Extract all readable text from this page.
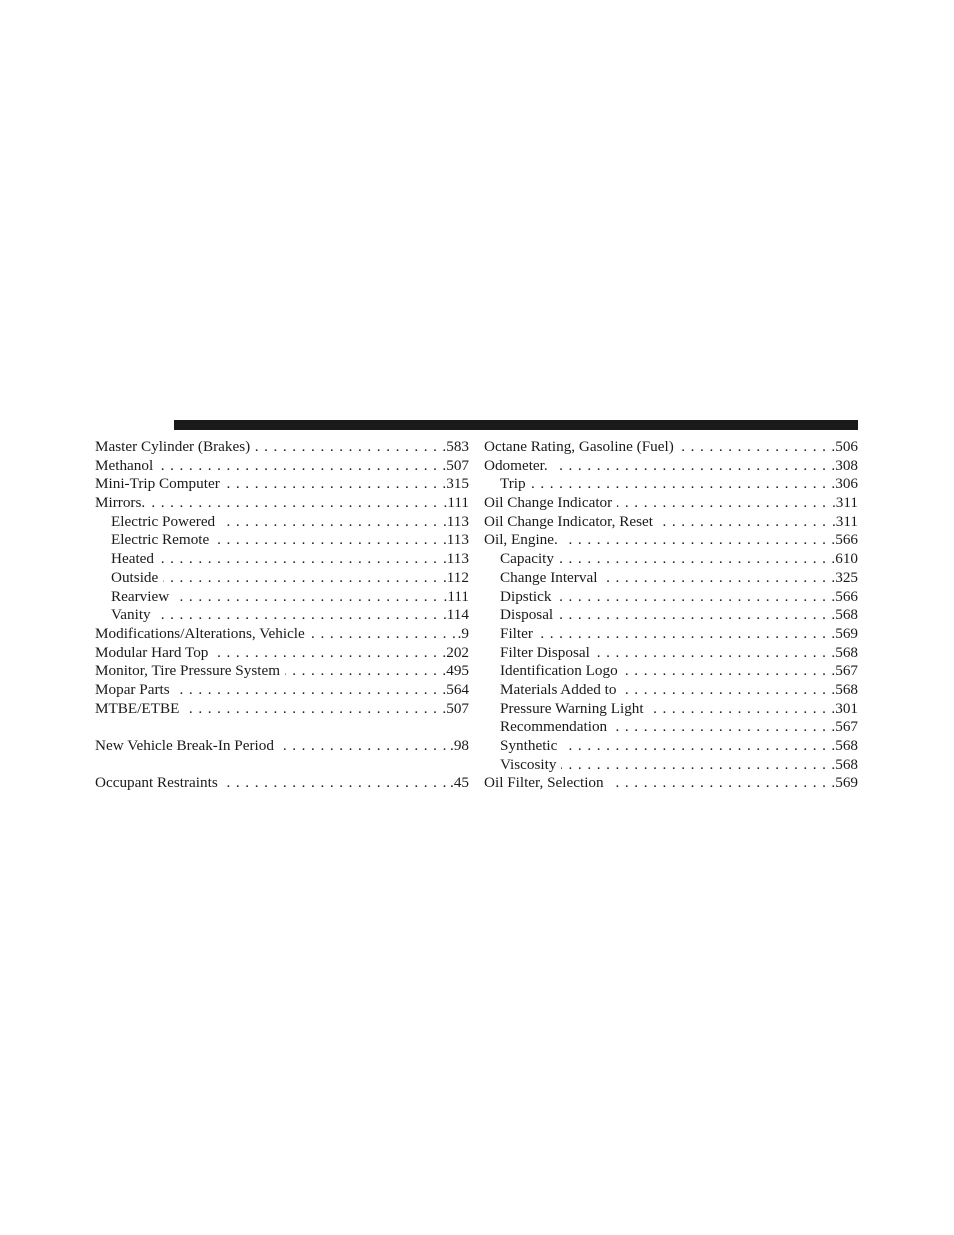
Master Cylinder (Brakes)	.583
. . .
Methanol	.507
. . .
Mini-Trip Computer	.315
. . .
Mirrors.	.111
. . .
Electric Powered	.113
. . .
Electric Remote	.113
. . .
Heated	.113
. . .
Outside	.112
. . .
Rearview	.111
. . .
Vanity	.114
. . .
Modifications/Alterations, Vehicle	.9
. . .
Modular Hard Top	.202
. . .
Monitor, Tire Pressure System	.495
. . .
Mopar Parts	.564
. . .
MTBE/ETBE	.507
. . .
New Vehicle Break-In Period	.98
. . .
Occupant Restraints	.45
. . .
Octane Rating, Gasoline (Fuel)	.506
. . .
Odometer.	.308
. . .
Trip	.306
. . .
Oil Change Indicator	.311
. . .
Oil Change Indicator, Reset	.311
. . .
Oil, Engine.	.566
. . .
Capacity	.610
. . .
Change Interval	.325
. . .
Dipstick	.566
. . .
Disposal	.568
. . .
Filter	.569
. . .
Filter Disposal	.568
. . .
Identification Logo	.567
. . .
Materials Added to	.568
. . .
Pressure Warning Light	.301
. . .
Recommendation	.567
. . .
Synthetic	.568
. . .
Viscosity	.568
. . .
Oil Filter, Selection	.569
. . .
